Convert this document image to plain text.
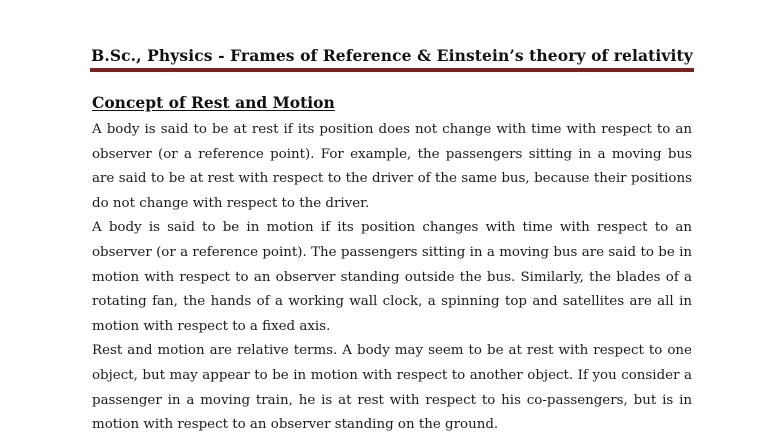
B.Sc., Physics - Frames of Reference & Einstein’s theory of relativity
Concept of Rest and Motion

A body is said to be at rest if its position does not change with time with respect to an observer (or a reference point). For example, the passengers sitting in a moving bus are said to be at rest with respect to the driver of the same bus, because their positions do not change with respect to the driver.

A body is said to be in motion if its position changes with time with respect to an observer (or a reference point). The passengers sitting in a moving bus are said to be in motion with respect to an observer standing outside the bus. Similarly, the blades of a rotating fan, the hands of a working wall clock, a spinning top and satellites are all in motion with respect to a fixed axis.

Rest and motion are relative terms. A body may seem to be at rest with respect to one object, but may appear to be in motion with respect to another object. If you consider a passenger in a moving train, he is at rest with respect to his co-passengers, but is in motion with respect to an observer standing on the ground.
